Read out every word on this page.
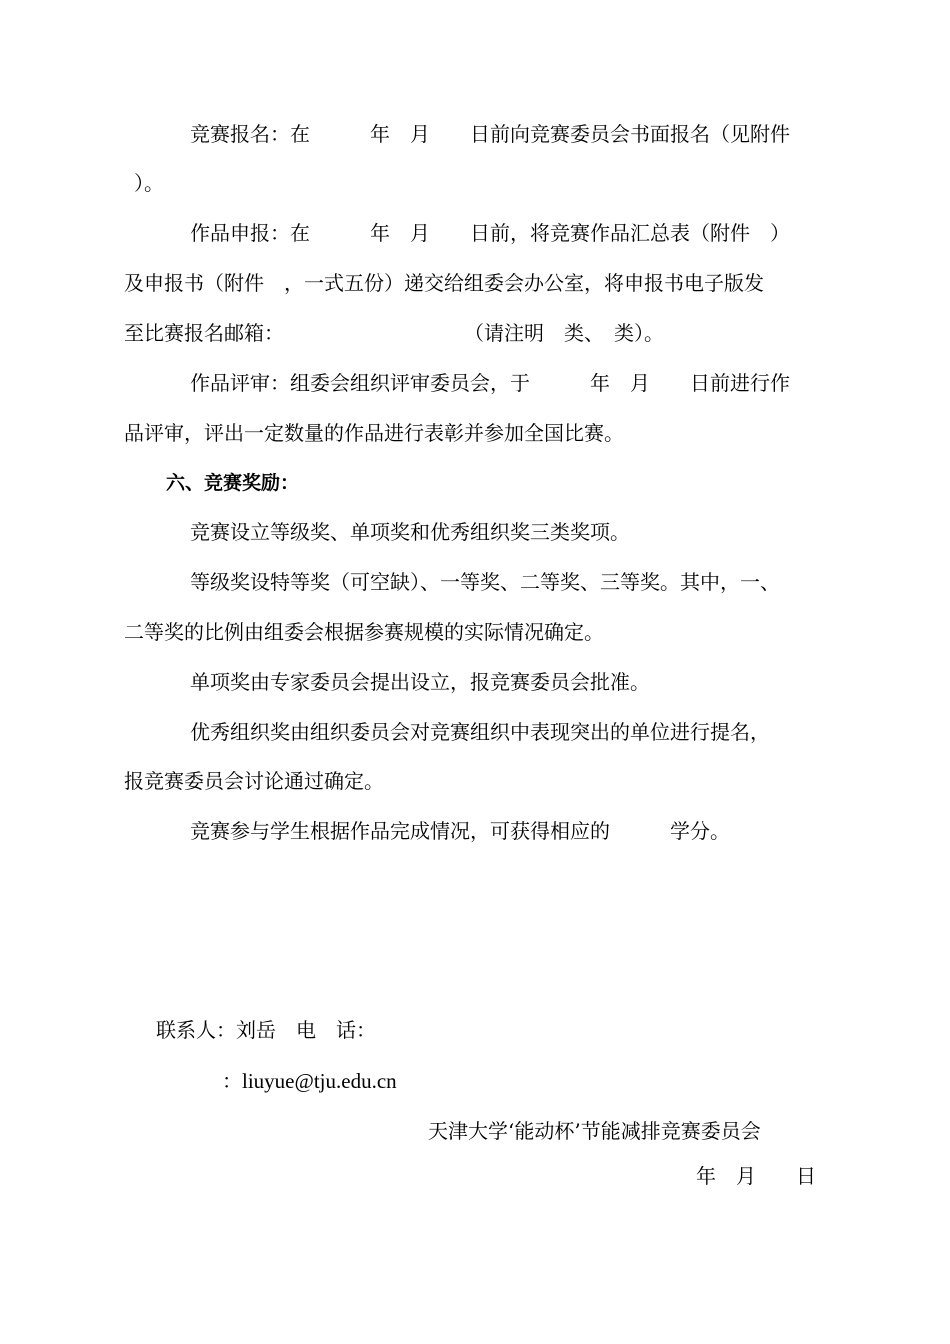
竞赛报名：在　　　年　月　　日前向竞赛委员会书面报名（见附件
）。
作品申报：在　　　年　月　　日前，将竞赛作品汇总表（附件　）
及申报书（附件　，一式五份）递交给组委会办公室，将申报书电子版发
至比赛报名邮箱：　　　　　　　　　　（请注明　类、　类）。
作品评审：组委会组织评审委员会，于　　　年　月　　日前进行作
品评审，评出一定数量的作品进行表彰并参加全国比赛。
六、竞赛奖励：
竞赛设立等级奖、单项奖和优秀组织奖三类奖项。
等级奖设特等奖（可空缺）、一等奖、二等奖、三等奖。其中，一、
二等奖的比例由组委会根据参赛规模的实际情况确定。
单项奖由专家委员会提出设立，报竞赛委员会批准。
优秀组织奖由组织委员会对竞赛组织中表现突出的单位进行提名，
报竞赛委员会讨论通过确定。
竞赛参与学生根据作品完成情况，可获得相应的　　　学分。
联系人：刘岳　电　话：
：liuyue@tju.edu.cn
天津大学‘能动杯’节能减排竞赛委员会
年　月　　日
